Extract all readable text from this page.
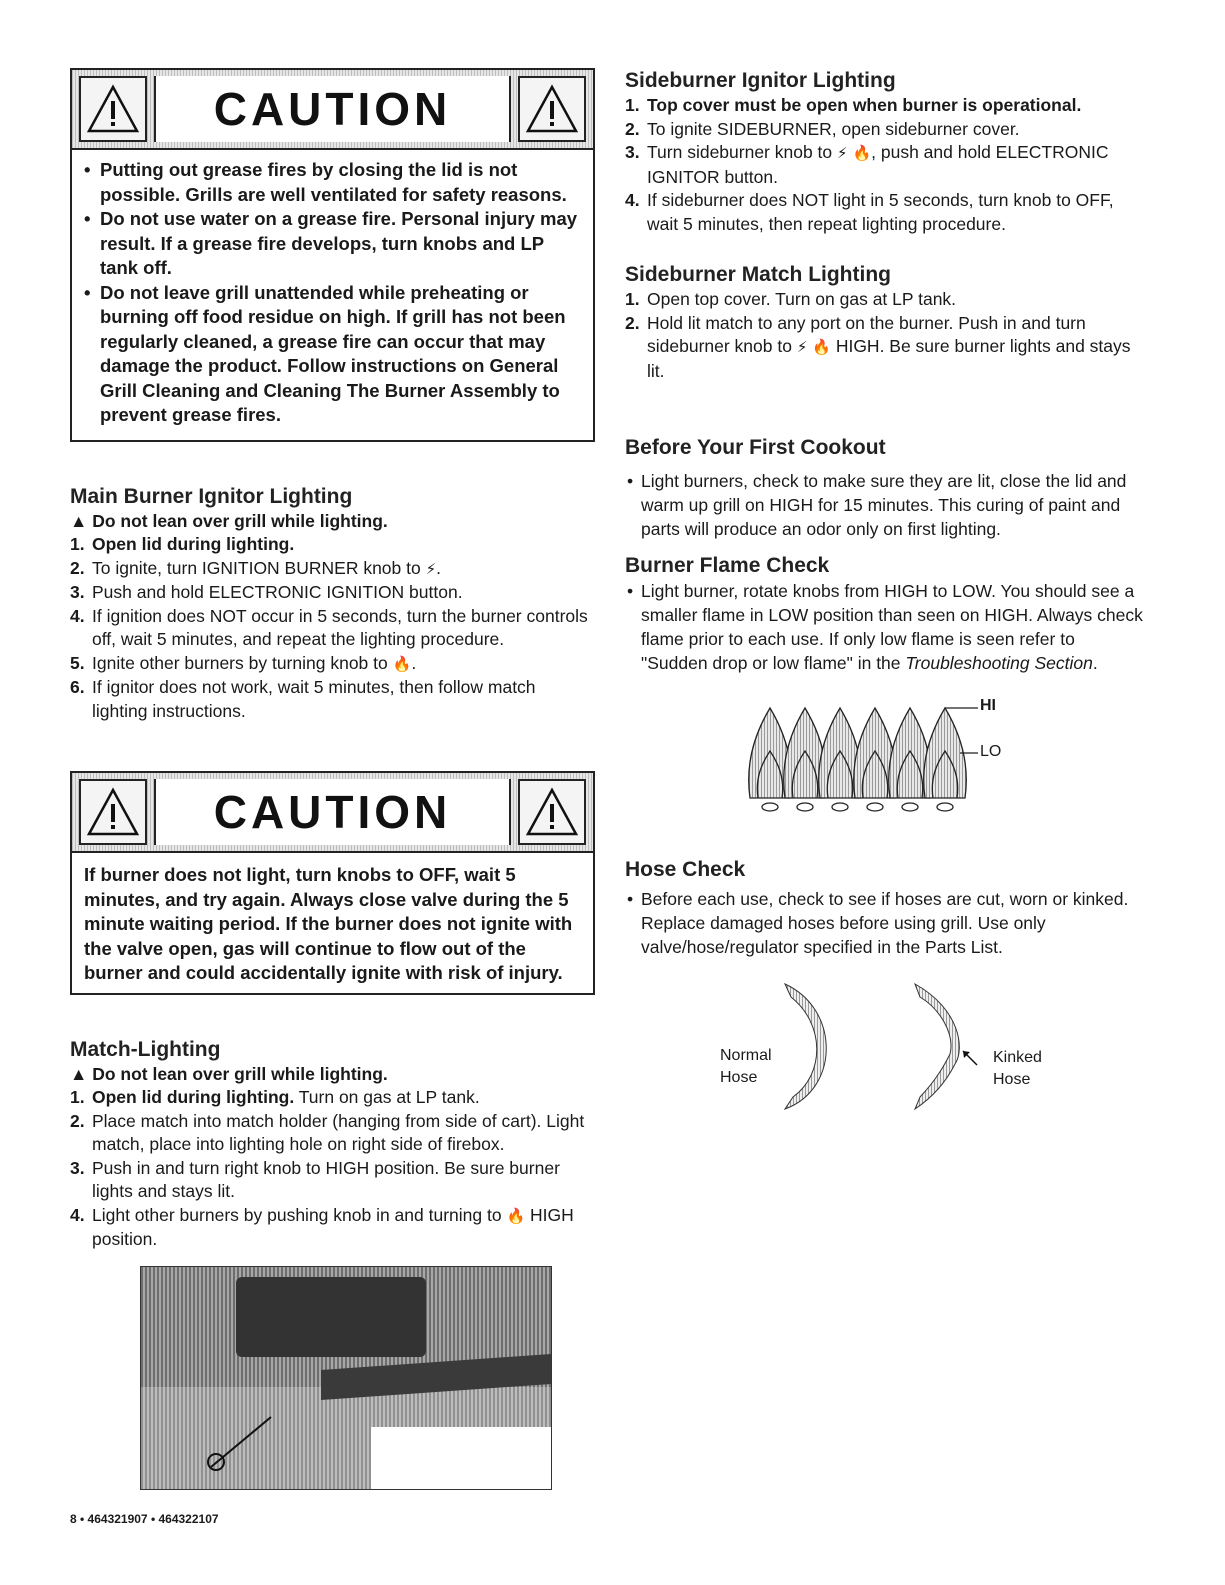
CAUTION
• Putting out grease fires by closing the lid is not possible. Grills are well ventilated for safety reasons.
• Do not use water on a grease fire. Personal injury may result. If a grease fire develops, turn knobs and LP tank off.
• Do not leave grill unattended while preheating or burning off food residue on high. If grill has not been regularly cleaned, a grease fire can occur that may damage the product. Follow instructions on General Grill Cleaning and Cleaning The Burner Assembly to prevent grease fires.
Main Burner Ignitor Lighting
▲ Do not lean over grill while lighting.
1. Open lid during lighting.
2. To ignite, turn IGNITION BURNER knob to ⚡.
3. Push and hold ELECTRONIC IGNITION button.
4. If ignition does NOT occur in 5 seconds, turn the burner controls off, wait 5 minutes, and repeat the lighting procedure.
5. Ignite other burners by turning knob to 🔥.
6. If ignitor does not work, wait 5 minutes, then follow match lighting instructions.
CAUTION
If burner does not light, turn knobs to OFF, wait 5 minutes, and try again. Always close valve during the 5 minute waiting period. If the burner does not ignite with the valve open, gas will continue to flow out of the burner and could accidentally ignite with risk of injury.
Match-Lighting
▲ Do not lean over grill while lighting.
1. Open lid during lighting. Turn on gas at LP tank.
2. Place match into match holder (hanging from side of cart). Light match, place into lighting hole on right side of firebox.
3. Push in and turn right knob to HIGH position. Be sure burner lights and stays lit.
4. Light other burners by pushing knob in and turning to 🔥 HIGH position.
Sideburner Ignitor Lighting
1. Top cover must be open when burner is operational.
2. To ignite SIDEBURNER, open sideburner cover.
3. Turn sideburner knob to ⚡ 🔥, push and hold ELECTRONIC IGNITOR button.
4. If sideburner does NOT light in 5 seconds, turn knob to OFF, wait 5 minutes, then repeat lighting procedure.
Sideburner Match Lighting
1. Open top cover. Turn on gas at LP tank.
2. Hold lit match to any port on the burner. Push in and turn sideburner knob to ⚡ 🔥 HIGH. Be sure burner lights and stays lit.
Before Your First Cookout
• Light burners, check to make sure they are lit, close the lid and warm up grill on HIGH for 15 minutes. This curing of paint and parts will produce an odor only on first lighting.
Burner Flame Check
• Light burner, rotate knobs from HIGH to LOW. You should see a smaller flame in LOW position than seen on HIGH. Always check flame prior to each use. If only low flame is seen refer to "Sudden drop or low flame" in the Troubleshooting Section.
HI
LO
Hose Check
• Before each use, check to see if hoses are cut, worn or kinked. Replace damaged hoses before using grill. Use only valve/hose/regulator specified in the Parts List.
Normal
Hose
Kinked
Hose
8 • 464321907 • 464322107
